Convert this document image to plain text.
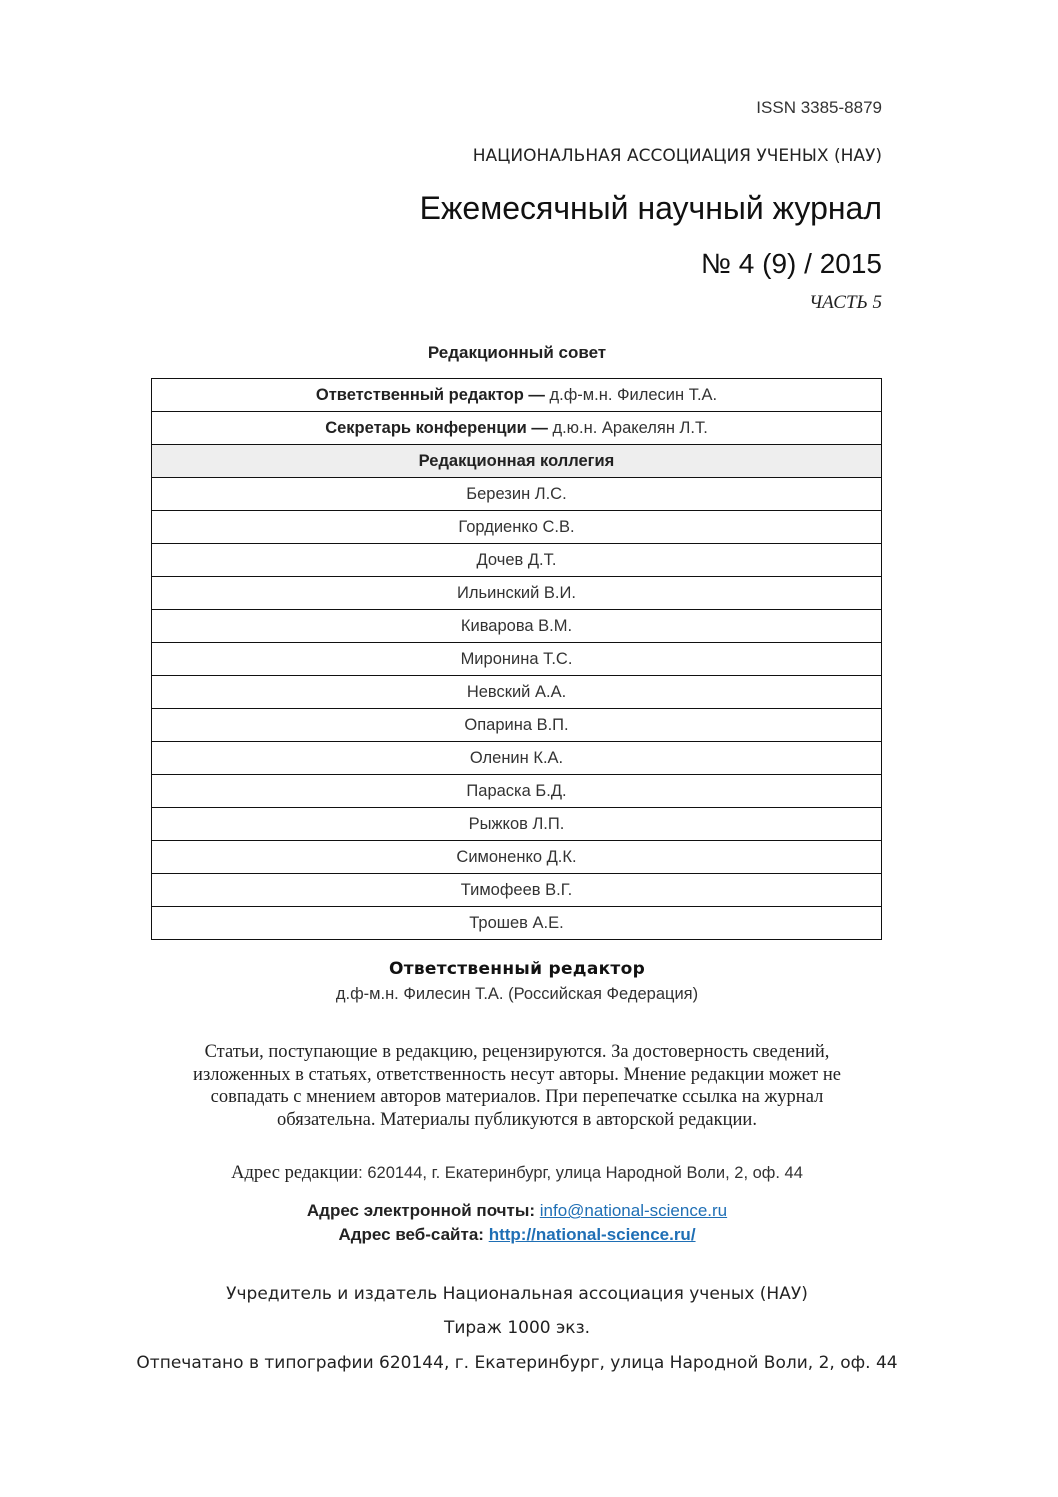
ISSN 3385-8879
НАЦИОНАЛЬНАЯ АССОЦИАЦИЯ УЧЕНЫХ (НАУ)
Ежемесячный научный журнал
№ 4 (9) / 2015
ЧАСТЬ 5
Редакционный совет
Ответственный редактор — д.ф-м.н. Филесин Т.А.
Секретарь конференции — д.ю.н. Аракелян Л.Т.
Редакционная коллегия
Березин Л.С.
Гордиенко С.В.
Дочев Д.Т.
Ильинский В.И.
Киварова В.М.
Миронина Т.С.
Невский А.А.
Опарина В.П.
Оленин К.А.
Параска Б.Д.
Рыжков Л.П.
Симоненко Д.К.
Тимофеев В.Г.
Трошев А.Е.
Ответственный редактор
д.ф-м.н. Филесин Т.А. (Российская Федерация)
Статьи, поступающие в редакцию, рецензируются. За достоверность сведений,
изложенных в статьях, ответственность несут авторы. Мнение редакции может не
совпадать с мнением авторов материалов. При перепечатке ссылка на журнал
обязательна. Материалы публикуются в авторской редакции.
Адрес редакции: 620144, г. Екатеринбург, улица Народной Воли, 2, оф. 44
Адрес электронной почты: info@national-science.ru
Адрес веб-сайта: http://national-science.ru/
Учредитель и издатель Национальная ассоциация ученых (НАУ)
Тираж 1000 экз.
Отпечатано в типографии 620144, г. Екатеринбург, улица Народной Воли, 2, оф. 44
